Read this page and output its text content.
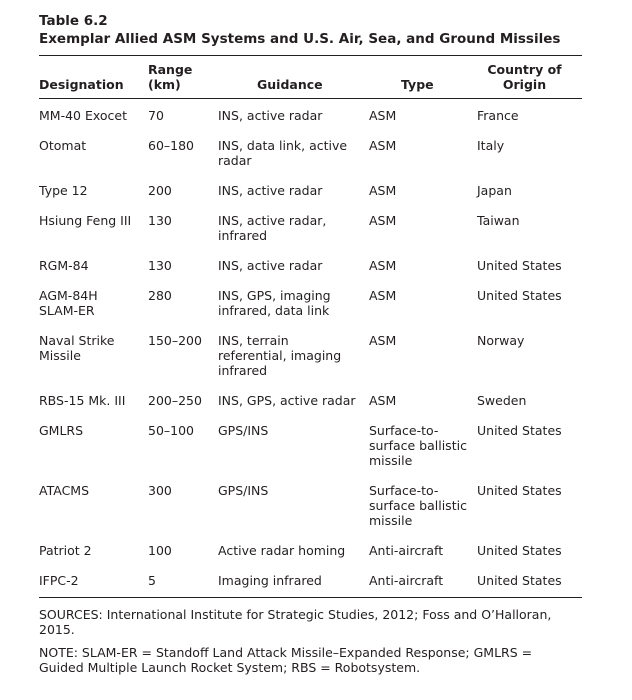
Table 6.2

Exemplar Allied ASM Systems and U.S. Air, Sea, and Ground Missiles

Designation	Range (km)	Guidance	Type	Country of
Origin

MM-40 Exocet	70	INS, active radar	ASM	France

Otomat	60–180	INS, data link, active
radar	ASM	Italy

Type 12	200	INS, active radar	ASM	Japan

Hsiung Feng III	130	INS, active radar,
infrared	ASM	Taiwan

RGM-84	130	INS, active radar	ASM	United States

AGM-84H
SLAM-ER	280	INS, GPS, imaging
infrared, data link	ASM	United States

Naval Strike
Missile	150–200	INS, terrain
referential, imaging
infrared	ASM	Norway

RBS-15 Mk. III	200–250	INS, GPS, active radar	ASM	Sweden

GMLRS	50–100	GPS/INS	Surface-to-
surface ballistic
missile	United States

ATACMS	300	GPS/INS	Surface-to-
surface ballistic
missile	United States

Patriot 2	100	Active radar homing	Anti-aircraft	United States

IFPC-2	5	Imaging infrared	Anti-aircraft	United States

SOURCES: International Institute for Strategic Studies, 2012; Foss and O’Halloran, 2015.

NOTE: SLAM-ER = Standoff Land Attack Missile–Expanded Response; GMLRS = Guided Multiple Launch Rocket System; RBS = Robotsystem.
